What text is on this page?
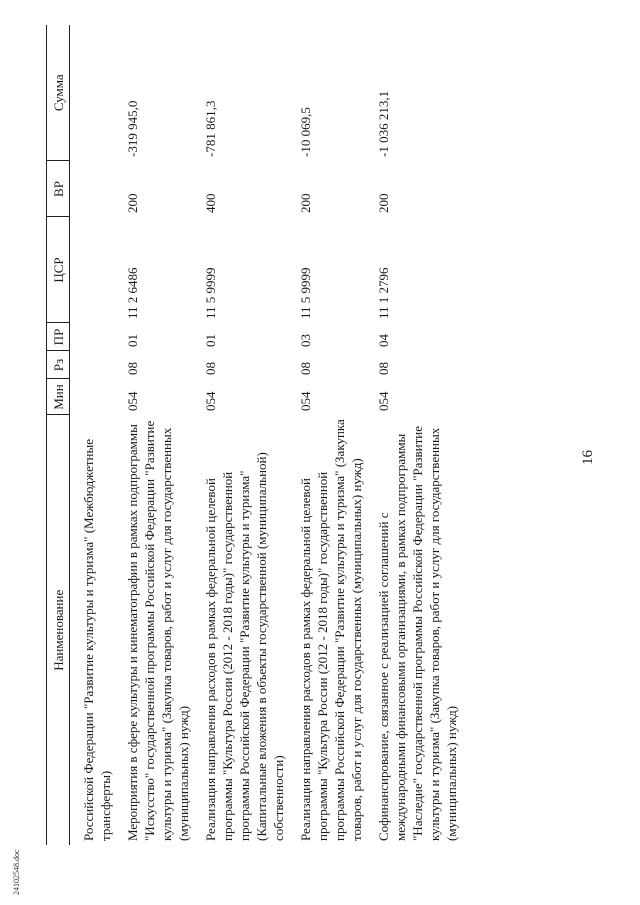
16
Наименование	Мин	Рз	ПР	ЦСР	ВР	Сумма
Российской Федерации "Развитие культуры и туризма" (Межбюджетные трансферты)						
Мероприятия в сфере культуры и кинематографии в рамках подпрограммы "Искусство" государственной программы Российской Федерации "Развитие культуры и туризма" (Закупка товаров, работ и услуг для государственных (муниципальных) нужд)	054	08	01	11 2 6486	200	-319 945,0
Реализация направления расходов в рамках федеральной целевой программы "Культура России (2012 - 2018 годы)" государственной программы Российской Федерации "Развитие культуры и туризма" (Капитальные вложения в объекты государственной (муниципальной) собственности)	054	08	01	11 5 9999	400	-781 861,3
Реализация направления расходов в рамках федеральной целевой программы "Культура России (2012 - 2018 годы)" государственной программы Российской Федерации "Развитие культуры и туризма" (Закупка товаров, работ и услуг для государственных (муниципальных) нужд)	054	08	03	11 5 9999	200	-10 069,5
Софинансирование, связанное с реализацией соглашений с международными финансовыми организациями, в рамках подпрограммы "Наследие" государственной программы Российской Федерации "Развитие культуры и туризма" (Закупка товаров, работ и услуг для государственных (муниципальных) нужд)	054	08	04	11 1 2796	200	-1 036 213,1
24102548.doc
